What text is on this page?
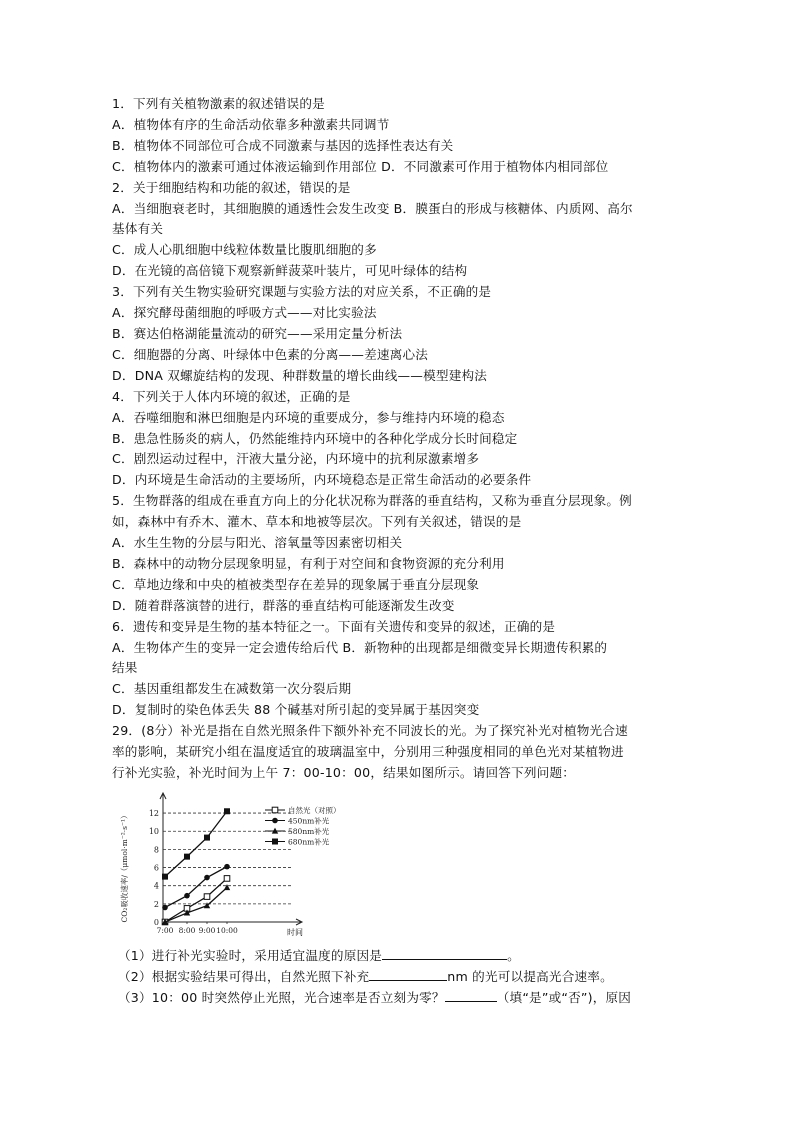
1．下列有关植物激素的叙述错误的是
A．植物体有序的生命活动依靠多种激素共同调节
B．植物体不同部位可合成不同激素与基因的选择性表达有关
C．植物体内的激素可通过体液运输到作用部位 D．不同激素可作用于植物体内相同部位
2．关于细胞结构和功能的叙述，错误的是
A．当细胞衰老时，其细胞膜的通透性会发生改变 B．膜蛋白的形成与核糖体、内质网、高尔
基体有关
C．成人心肌细胞中线粒体数量比腹肌细胞的多
D．在光镜的高倍镜下观察新鲜菠菜叶装片，可见叶绿体的结构
3．下列有关生物实验研究课题与实验方法的对应关系，不正确的是
A．探究酵母菌细胞的呼吸方式——对比实验法
B．赛达伯格湖能量流动的研究——采用定量分析法
C．细胞器的分离、叶绿体中色素的分离——差速离心法
D．DNA 双螺旋结构的发现、种群数量的增长曲线——模型建构法
4．下列关于人体内环境的叙述，正确的是
A．吞噬细胞和淋巴细胞是内环境的重要成分，参与维持内环境的稳态
B．患急性肠炎的病人，仍然能维持内环境中的各种化学成分长时间稳定
C．剧烈运动过程中，汗液大量分泌，内环境中的抗利尿激素增多
D．内环境是生命活动的主要场所，内环境稳态是正常生命活动的必要条件
5．生物群落的组成在垂直方向上的分化状况称为群落的垂直结构，又称为垂直分层现象。例
如，森林中有乔木、灌木、草本和地被等层次。下列有关叙述，错误的是
A．水生生物的分层与阳光、溶氧量等因素密切相关
B．森林中的动物分层现象明显，有利于对空间和食物资源的充分利用
C．草地边缘和中央的植被类型存在差异的现象属于垂直分层现象
D．随着群落演替的进行，群落的垂直结构可能逐渐发生改变
6．遗传和变异是生物的基本特征之一。下面有关遗传和变异的叙述，正确的是
A．生物体产生的变异一定会遗传给后代 B．新物种的出现都是细微变异长期遗传积累的
结果
C．基因重组都发生在减数第一次分裂后期
D．复制时的染色体丢失 88 个碱基对所引起的变异属于基因突变
29．(8分）补光是指在自然光照条件下额外补充不同波长的光。为了探究补光对植物光合速
率的影响，某研究小组在温度适宜的玻璃温室中，分别用三种强度相同的单色光对某植物进
行补光实验，补光时间为上午 7：00-10：00，结果如图所示。请回答下列问题：
0
2
4
6
8
10
12
7:00 8:00 9:00 10:00	时间
CO₂吸收速率/（μmol·m⁻²·s⁻¹）
自然光（对照）
450nm补光
580nm补光
680nm补光
（1）进行补光实验时，采用适宜温度的原因是	。
（2）根据实验结果可得出，自然光照下补充	nm 的光可以提高光合速率。
（3）10：00 时突然停止光照，光合速率是否立刻为零？	（填“是”或“否”)，原因
